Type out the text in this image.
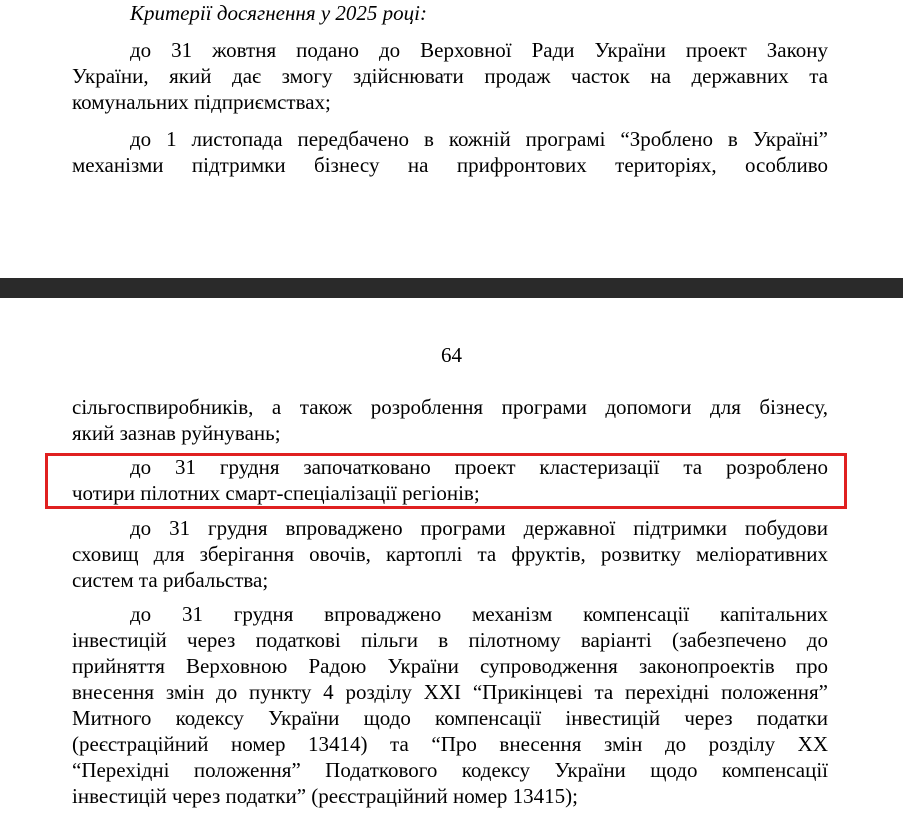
Критерії досягнення у 2025 році:
до 31 жовтня подано до Верховної Ради України проект Закону
України, який дає змогу здійснювати продаж часток на державних та
комунальних підприємствах;
до 1 листопада передбачено в кожній програмі “Зроблено в Україні”
механізми підтримки бізнесу на прифронтових територіях, особливо
64
сільгоспвиробників, а також розроблення програми допомоги для бізнесу,
який зазнав руйнувань;
до 31 грудня започатковано проект кластеризації та розроблено
чотири пілотних смарт-спеціалізації регіонів;
до 31 грудня впроваджено програми державної підтримки побудови
сховищ для зберігання овочів, картоплі та фруктів, розвитку меліоративних
систем та рибальства;
до 31 грудня впроваджено механізм компенсації капітальних
інвестицій через податкові пільги в пілотному варіанті (забезпечено до
прийняття Верховною Радою України супроводження законопроектів про
внесення змін до пункту 4 розділу XXI “Прикінцеві та перехідні положення”
Митного кодексу України щодо компенсації інвестицій через податки
(реєстраційний номер 13414) та “Про внесення змін до розділу XX
“Перехідні положення” Податкового кодексу України щодо компенсації
інвестицій через податки” (реєстраційний номер 13415);
